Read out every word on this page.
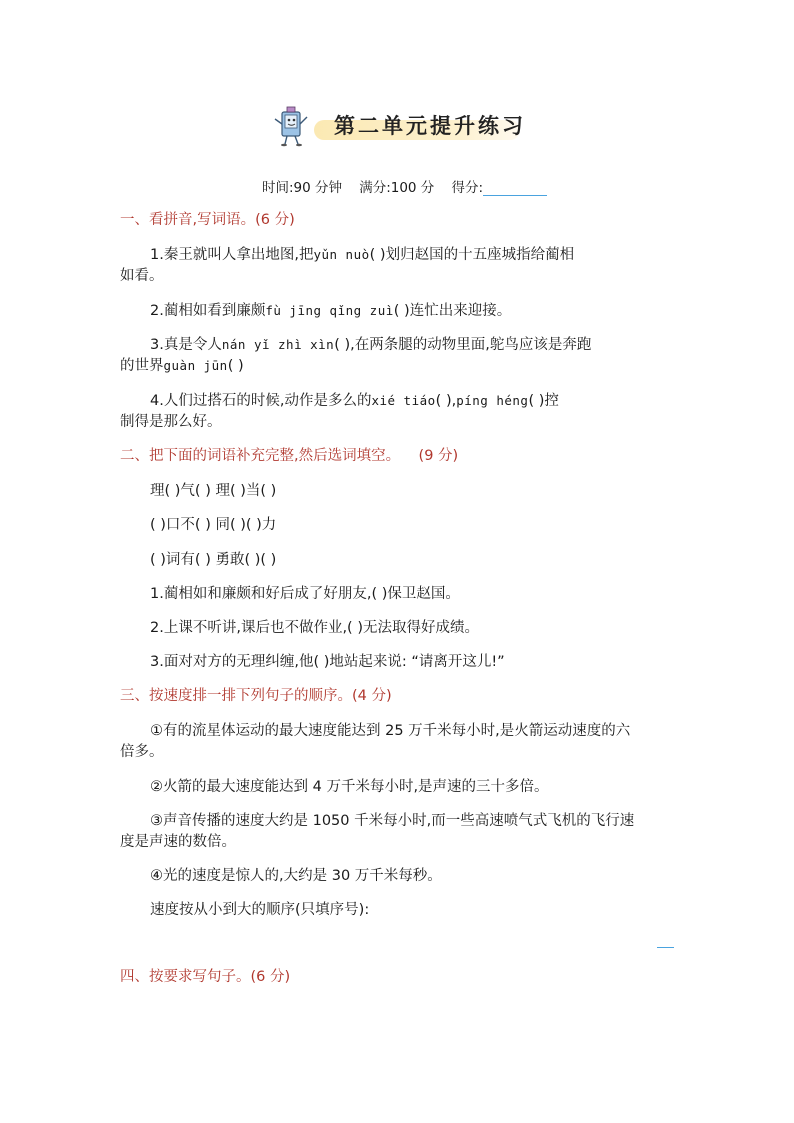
第二单元提升练习
时间:90 分钟 满分:100 分 得分:
一、看拼音,写词语。(6 分)
1.秦王就叫人拿出地图,把yǔn nuò( )划归赵国的十五座城指给蔺相
如看。
2.蔺相如看到廉颇fù jīng qǐng zuì( )连忙出来迎接。
3.真是令人nán yǐ zhì xìn( ),在两条腿的动物里面,鸵鸟应该是奔跑
的世界guàn jūn( )
4.人们过搭石的时候,动作是多么的xié tiáo( ),píng héng( )控
制得是那么好。
二、把下面的词语补充完整,然后选词填空。 (9 分)
理( )气( ) 理( )当( )
( )口不( ) 同( )( )力
( )词有( ) 勇敢( )( )
1.蔺相如和廉颇和好后成了好朋友,( )保卫赵国。
2.上课不听讲,课后也不做作业,( )无法取得好成绩。
3.面对对方的无理纠缠,他( )地站起来说: “请离开这儿!”
三、按速度排一排下列句子的顺序。(4 分)
①有的流星体运动的最大速度能达到 25 万千米每小时,是火箭运动速度的六
倍多。
②火箭的最大速度能达到 4 万千米每小时,是声速的三十多倍。
③声音传播的速度大约是 1050 千米每小时,而一些高速喷气式飞机的飞行速
度是声速的数倍。
④光的速度是惊人的,大约是 30 万千米每秒。
速度按从小到大的顺序(只填序号):
四、按要求写句子。(6 分)
